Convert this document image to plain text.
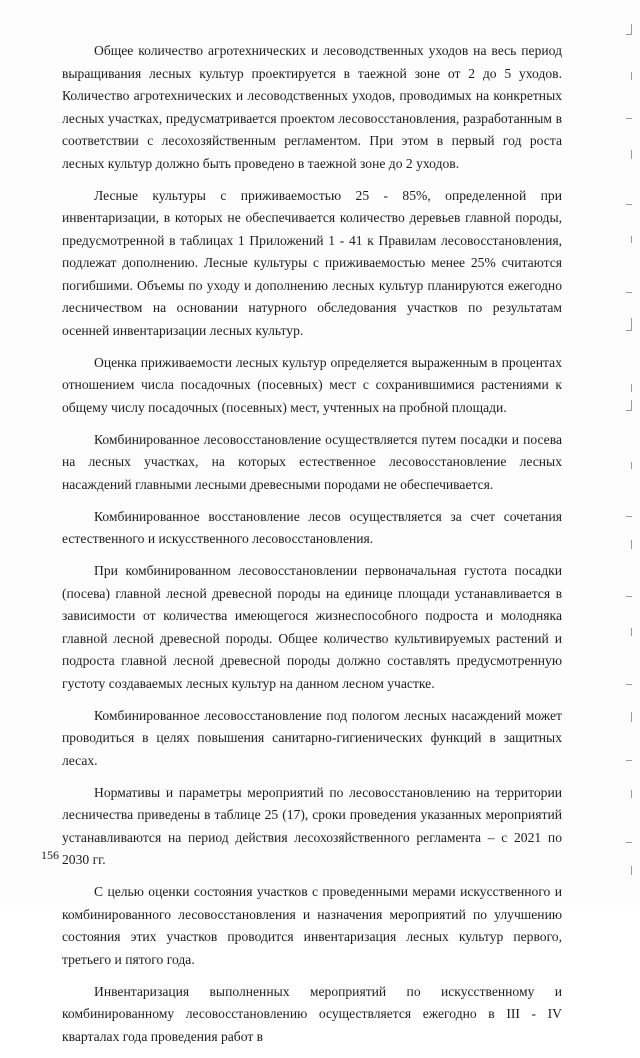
Общее количество агротехнических и лесоводственных уходов на весь период выращивания лесных культур проектируется в таежной зоне от 2 до 5 уходов. Количество агротехнических и лесоводственных уходов, проводимых на конкретных лесных участках, предусматривается проектом лесовосстановления, разработанным в соответствии с лесохозяйственным регламентом. При этом в первый год роста лесных культур должно быть проведено в таежной зоне до 2 уходов.

Лесные культуры с приживаемостью 25 - 85%, определенной при инвентаризации, в которых не обеспечивается количество деревьев главной породы, предусмотренной в таблицах 1 Приложений 1 - 41 к Правилам лесовосстановления, подлежат дополнению. Лесные культуры с приживаемостью менее 25% считаются погибшими. Объемы по уходу и дополнению лесных культур планируются ежегодно лесничеством на основании натурного обследования участков по результатам осенней инвентаризации лесных культур.

Оценка приживаемости лесных культур определяется выраженным в процентах отношением числа посадочных (посевных) мест с сохранившимися растениями к общему числу посадочных (посевных) мест, учтенных на пробной площади.

Комбинированное лесовосстановление осуществляется путем посадки и посева на лесных участках, на которых естественное лесовосстановление лесных насаждений главными лесными древесными породами не обеспечивается.

Комбинированное восстановление лесов осуществляется за счет сочетания естественного и искусственного лесовосстановления.

При комбинированном лесовосстановлении первоначальная густота посадки (посева) главной лесной древесной породы на единице площади устанавливается в зависимости от количества имеющегося жизнеспособного подроста и молодняка главной лесной древесной породы. Общее количество культивируемых растений и подроста главной лесной древесной породы должно составлять предусмотренную густоту создаваемых лесных культур на данном лесном участке.

Комбинированное лесовосстановление под пологом лесных насаждений может проводиться в целях повышения санитарно-гигиенических функций в защитных лесах.

Нормативы и параметры мероприятий по лесовосстановлению на территории лесничества приведены в таблице 25 (17), сроки проведения указанных мероприятий устанавливаются на период действия лесохозяйственного регламента – с 2021 по 2030 гг.

С целью оценки состояния участков с проведенными мерами искусственного и комбинированного лесовосстановления и назначения мероприятий по улучшению состояния этих участков проводится инвентаризация лесных культур первого, третьего и пятого года.

Инвентаризация выполненных мероприятий по искусственному и комбинированному лесовосстановлению осуществляется ежегодно в III - IV кварталах года проведения работ в

156
